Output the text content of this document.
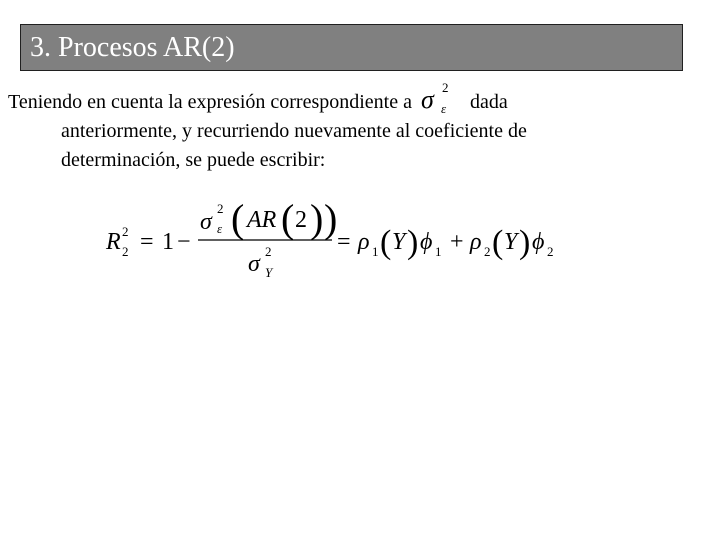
3. Procesos AR(2)
Teniendo en cuenta la expresión correspondiente a σ ε
2
dada
anteriormente, y recurriendo nuevamente al coeficiente de
determinación, se puede escribir:
R 2
2 = 1 −
σ
2
ε ( AR ( 2 ) )
σ 2
Y
= ρ 1 ( Y ) ϕ 1 + ρ 2 ( Y ) ϕ 2
